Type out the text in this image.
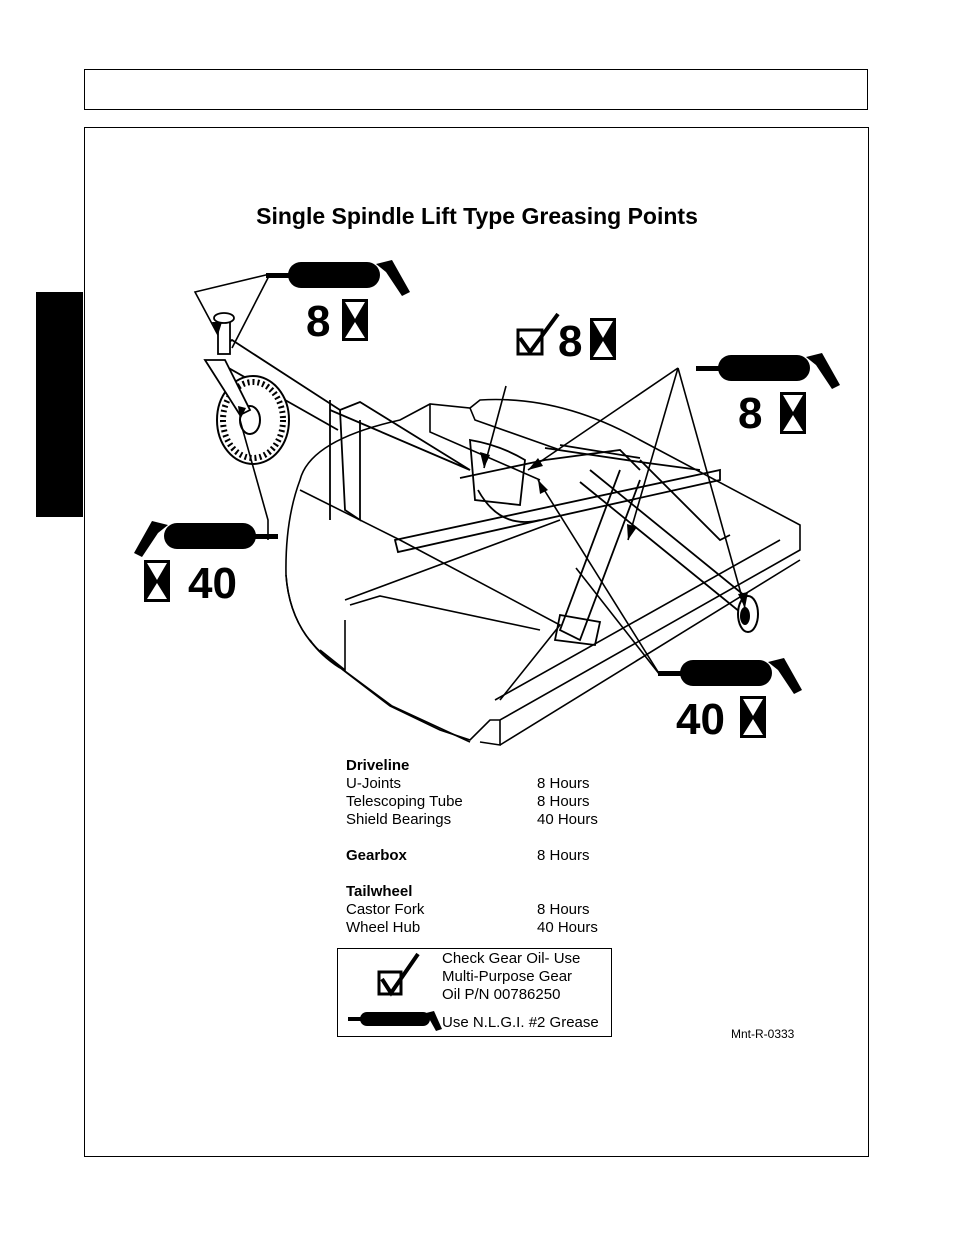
Single Spindle Lift Type Greasing Points
8	8
8
40
40
Driveline
U-Joints	8 Hours
Telescoping Tube	8 Hours
Shield Bearings	40 Hours
Gearbox	8 Hours
Tailwheel
Castor Fork	8 Hours
Wheel Hub	40 Hours
Check Gear Oil- Use
Multi-Purpose Gear
Oil P/N 00786250
Use N.L.G.I. #2 Grease
Mnt-R-0333
